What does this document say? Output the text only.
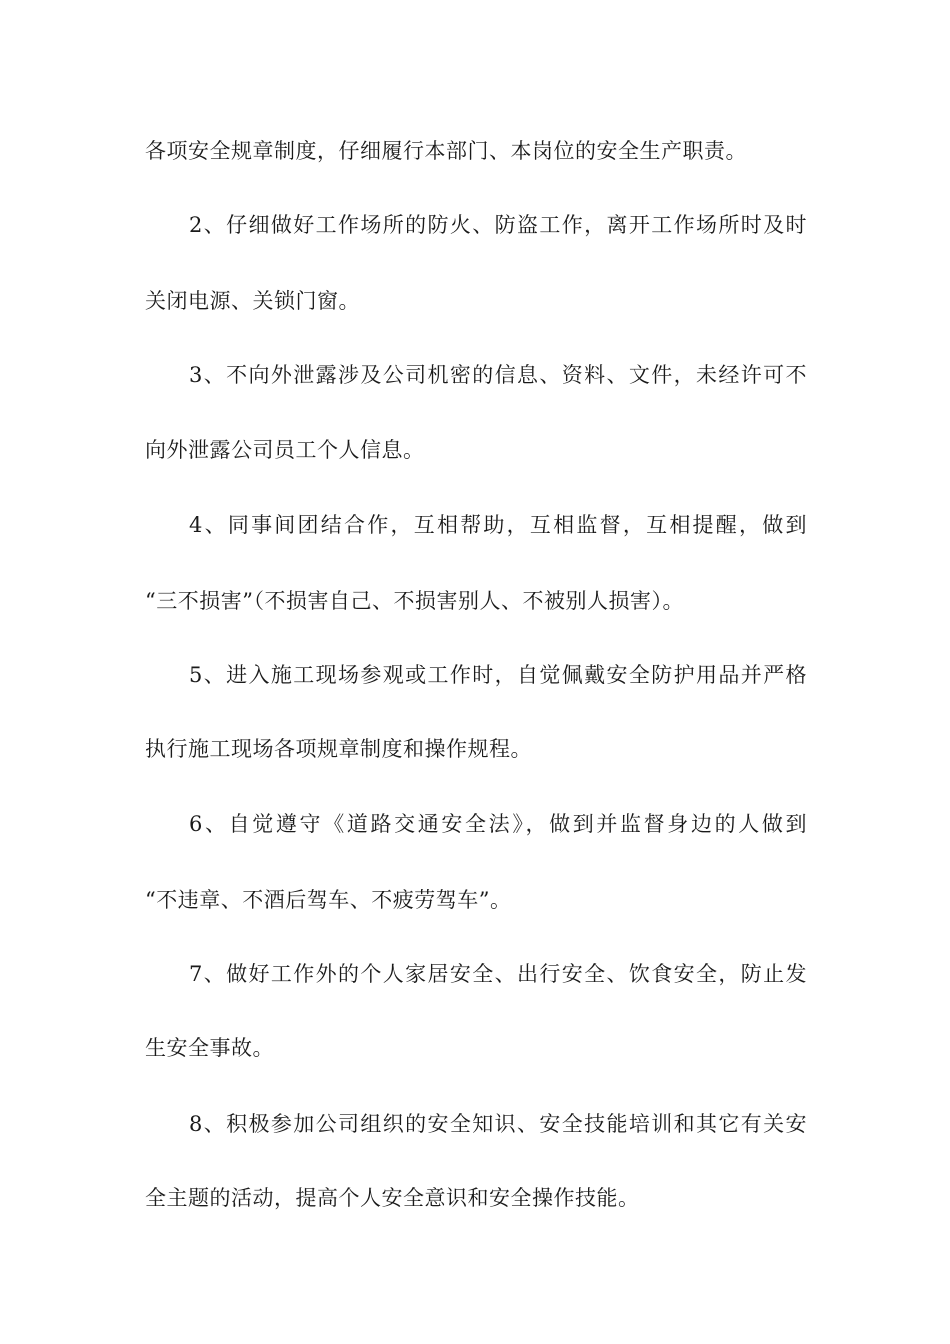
各项安全规章制度，仔细履行本部门、本岗位的安全生产职责。
2、仔细做好工作场所的防火、防盗工作，离开工作场所时及时
关闭电源、关锁门窗。
3、不向外泄露涉及公司机密的信息、资料、文件，未经许可不
向外泄露公司员工个人信息。
4、同事间团结合作，互相帮助，互相监督，互相提醒，做到
“三不损害”（不损害自己、不损害别人、不被别人损害）。
5、进入施工现场参观或工作时，自觉佩戴安全防护用品并严格
执行施工现场各项规章制度和操作规程。
6、自觉遵守《道路交通安全法》，做到并监督身边的人做到
“不违章、不酒后驾车、不疲劳驾车”。
7、做好工作外的个人家居安全、出行安全、饮食安全，防止发
生安全事故。
8、积极参加公司组织的安全知识、安全技能培训和其它有关安
全主题的活动，提高个人安全意识和安全操作技能。
